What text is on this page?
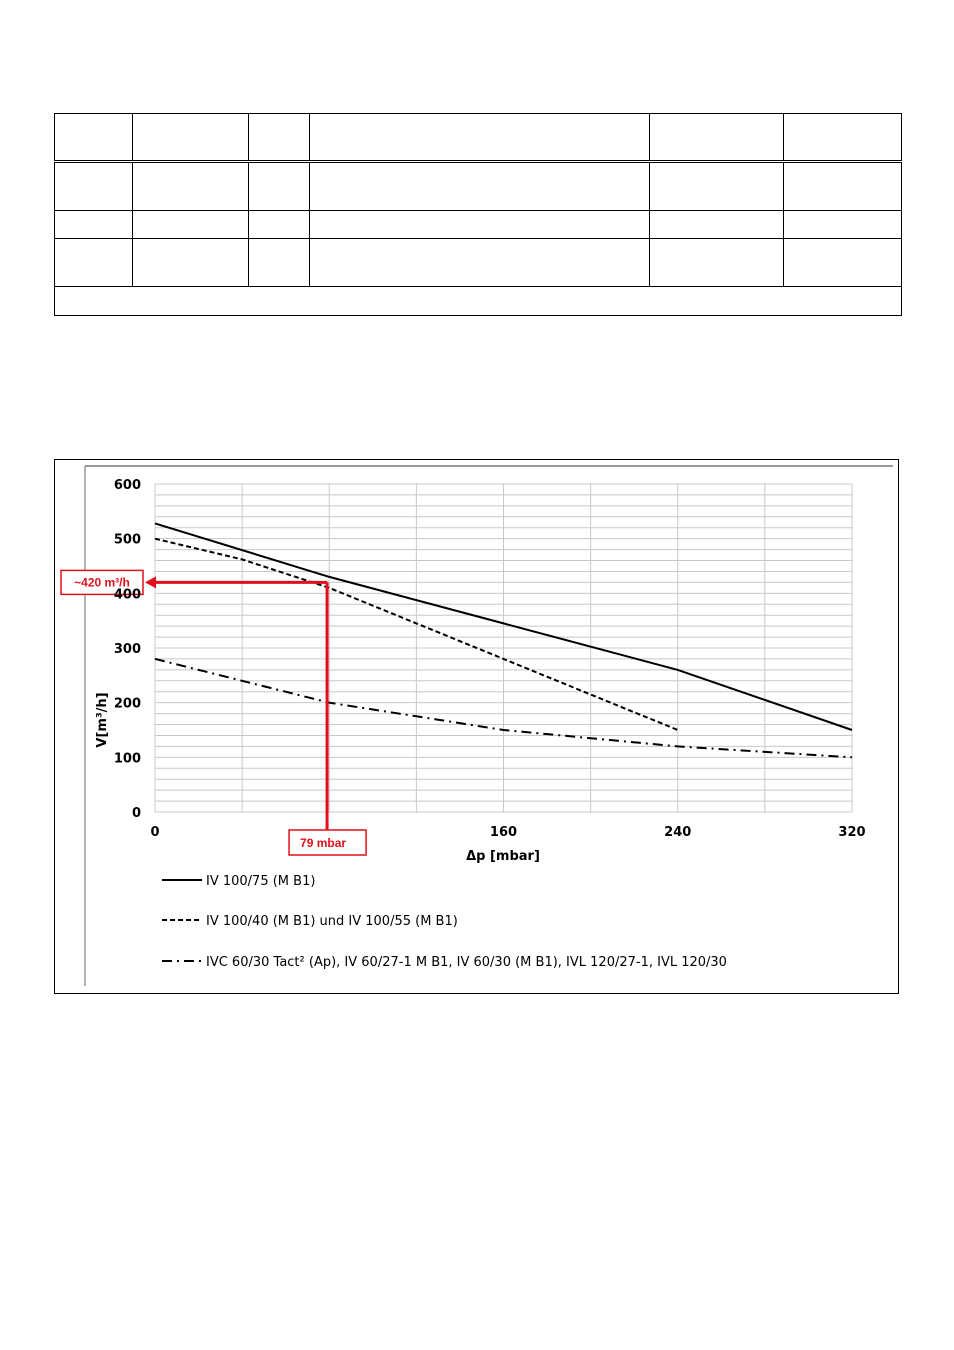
~420 m³/h
79 mbar
0
100
200
300
400
500
600
0	160	240	320
Δp [mbar]
V[m³/h]
IV 100/75 (M B1)
IV 100/40 (M B1) und IV 100/55 (M B1)
IVC 60/30 Tact² (Ap), IV 60/27-1 M B1, IV 60/30 (M B1), IVL 120/27-1, IVL 120/30
